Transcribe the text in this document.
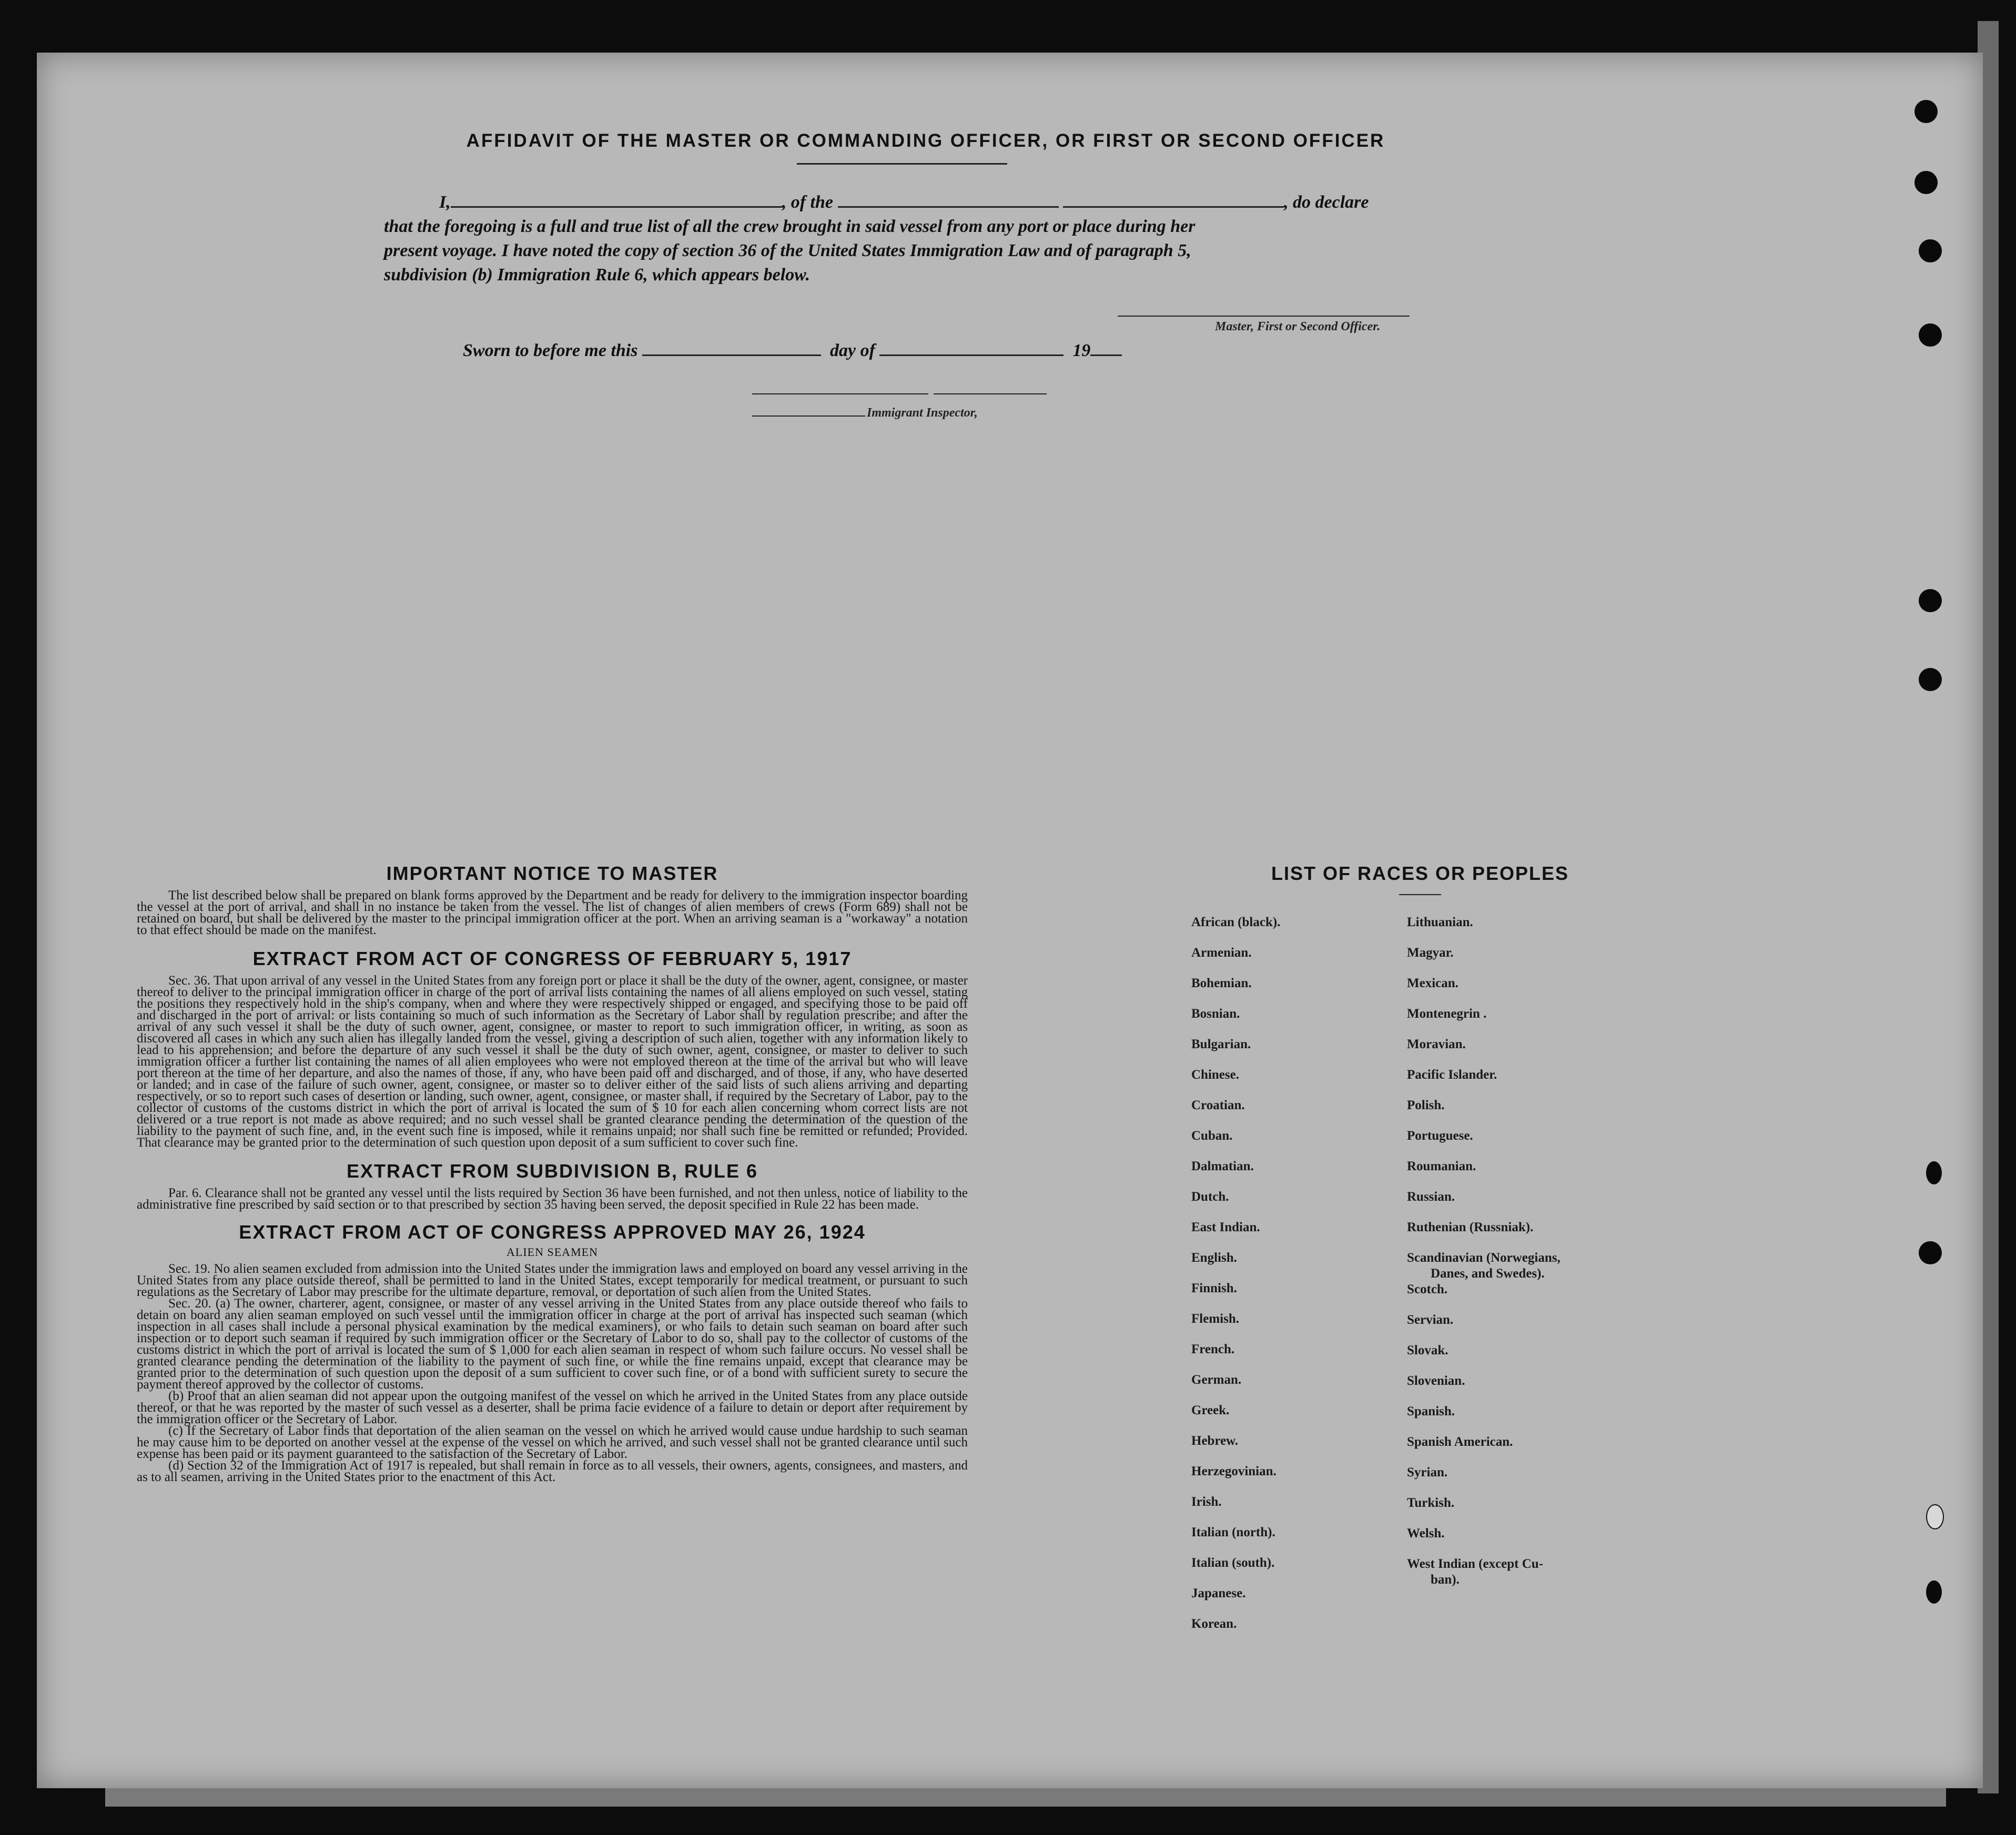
AFFIDAVIT OF THE MASTER OR COMMANDING OFFICER, OR FIRST OR SECOND OFFICER
I,	, of the	, do declare
that the foregoing is a full and true list of all the crew brought in said vessel from any port or place during her
present voyage. I have noted the copy of section 36 of the United States Immigration Law and of paragraph 5,
subdivision (b) Immigration Rule 6, which appears below.
Master, First or Second Officer.
Sworn to before me this	day of	19
Immigrant Inspector,
IMPORTANT NOTICE TO MASTER

The list described below shall be prepared on blank forms approved by the Department and be ready for delivery to the immigration inspector boarding the vessel at the port of arrival, and shall in no instance be taken from the vessel. The list of changes of alien members of crews (Form 689) shall not be retained on board, but shall be delivered by the master to the principal immigration officer at the port. When an arriving seaman is a "workaway" a notation to that effect should be made on the manifest.

EXTRACT FROM ACT OF CONGRESS OF FEBRUARY 5, 1917

Sec. 36. That upon arrival of any vessel in the United States from any foreign port or place it shall be the duty of the owner, agent, consignee, or master thereof to deliver to the principal immigration officer in charge of the port of arrival lists containing the names of all aliens employed on such vessel, stating the positions they respectively hold in the ship's company, when and where they were respectively shipped or engaged, and specifying those to be paid off and discharged in the port of arrival: or lists containing so much of such information as the Secretary of Labor shall by regulation prescribe; and after the arrival of any such vessel it shall be the duty of such owner, agent, consignee, or master to report to such immigration officer, in writing, as soon as discovered all cases in which any such alien has illegally landed from the vessel, giving a description of such alien, together with any information likely to lead to his apprehension; and before the departure of any such vessel it shall be the duty of such owner, agent, consignee, or master to deliver to such immigration officer a further list containing the names of all alien employees who were not employed thereon at the time of the arrival but who will leave port thereon at the time of her departure, and also the names of those, if any, who have been paid off and discharged, and of those, if any, who have deserted or landed; and in case of the failure of such owner, agent, consignee, or master so to deliver either of the said lists of such aliens arriving and departing respectively, or so to report such cases of desertion or landing, such owner, agent, consignee, or master shall, if required by the Secretary of Labor, pay to the collector of customs of the customs district in which the port of arrival is located the sum of $ 10 for each alien concerning whom correct lists are not delivered or a true report is not made as above required; and no such vessel shall be granted clearance pending the determination of the question of the liability to the payment of such fine, and, in the event such fine is imposed, while it remains unpaid; nor shall such fine be remitted or refunded; Provided. That clearance may be granted prior to the determination of such question upon deposit of a sum sufficient to cover such fine.

EXTRACT FROM SUBDIVISION B, RULE 6

Par. 6. Clearance shall not be granted any vessel until the lists required by Section 36 have been furnished, and not then unless, notice of liability to the administrative fine prescribed by said section or to that prescribed by section 35 having been served, the deposit specified in Rule 22 has been made.

EXTRACT FROM ACT OF CONGRESS APPROVED MAY 26, 1924
ALIEN SEAMEN

Sec. 19. No alien seamen excluded from admission into the United States under the immigration laws and employed on board any vessel arriving in the United States from any place outside thereof, shall be permitted to land in the United States, except temporarily for medical treatment, or pursuant to such regulations as the Secretary of Labor may prescribe for the ultimate departure, removal, or deportation of such alien from the United States.

Sec. 20. (a) The owner, charterer, agent, consignee, or master of any vessel arriving in the United States from any place outside thereof who fails to detain on board any alien seaman employed on such vessel until the immigration officer in charge at the port of arrival has inspected such seaman (which inspection in all cases shall include a personal physical examination by the medical examiners), or who fails to detain such seaman on board after such inspection or to deport such seaman if required by such immigration officer or the Secretary of Labor to do so, shall pay to the collector of customs of the customs district in which the port of arrival is located the sum of $ 1,000 for each alien seaman in respect of whom such failure occurs. No vessel shall be granted clearance pending the determination of the liability to the payment of such fine, or while the fine remains unpaid, except that clearance may be granted prior to the determination of such question upon the deposit of a sum sufficient to cover such fine, or of a bond with sufficient surety to secure the payment thereof approved by the collector of customs.

(b) Proof that an alien seaman did not appear upon the outgoing manifest of the vessel on which he arrived in the United States from any place outside thereof, or that he was reported by the master of such vessel as a deserter, shall be prima facie evidence of a failure to detain or deport after requirement by the immigration officer or the Secretary of Labor.

(c) If the Secretary of Labor finds that deportation of the alien seaman on the vessel on which he arrived would cause undue hardship to such seaman he may cause him to be deported on another vessel at the expense of the vessel on which he arrived, and such vessel shall not be granted clearance until such expense has been paid or its payment guaranteed to the satisfaction of the Secretary of Labor.

(d) Section 32 of the Immigration Act of 1917 is repealed, but shall remain in force as to all vessels, their owners, agents, consignees, and masters, and as to all seamen, arriving in the United States prior to the enactment of this Act.

LIST OF RACES OR PEOPLES
African (black).
Armenian.
Bohemian.
Bosnian.
Bulgarian.
Chinese.
Croatian.
Cuban.
Dalmatian.
Dutch.
East Indian.
English.
Finnish.
Flemish.
French.
German.
Greek.
Hebrew.
Herzegovinian.
Irish.
Italian (north).
Italian (south).
Japanese.
Korean.
Lithuanian.
Magyar.
Mexican.
Montenegrin .
Moravian.
Pacific Islander.
Polish.
Portuguese.
Roumanian.
Russian.
Ruthenian (Russniak).
Scandinavian (Norwegians,
Danes, and Swedes).
Scotch.
Servian.
Slovak.
Slovenian.
Spanish.
Spanish American.
Syrian.
Turkish.
Welsh.
West Indian (except Cu-
ban).
